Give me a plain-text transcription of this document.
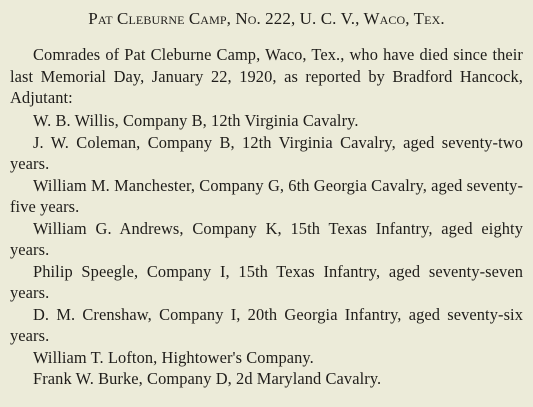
Pat Cleburne Camp, No. 222, U. C. V., Waco, Tex.
Comrades of Pat Cleburne Camp, Waco, Tex., who have died since their last Memorial Day, January 22, 1920, as reported by Bradford Hancock, Adjutant:
W. B. Willis, Company B, 12th Virginia Cavalry.
J. W. Coleman, Company B, 12th Virginia Cavalry, aged seventy-two years.
William M. Manchester, Company G, 6th Georgia Cavalry, aged seventy-five years.
William G. Andrews, Company K, 15th Texas Infantry, aged eighty years.
Philip Speegle, Company I, 15th Texas Infantry, aged seventy-seven years.
D. M. Crenshaw, Company I, 20th Georgia Infantry, aged seventy-six years.
William T. Lofton, Hightower's Company.
Frank W. Burke, Company D, 2d Maryland Cavalry.
